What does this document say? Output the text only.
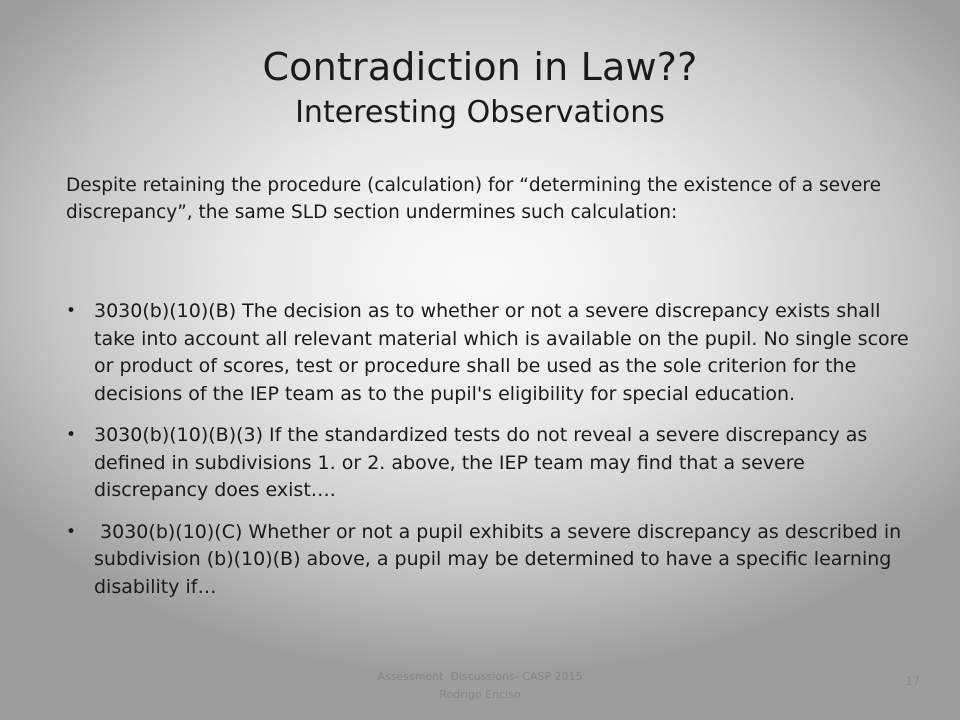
Contradiction in Law??
Interesting Observations

Despite retaining the procedure (calculation) for “determining the existence of a severe discrepancy”, the same SLD section undermines such calculation:

• 3030(b)(10)(B) The decision as to whether or not a severe discrepancy exists shall take into account all relevant material which is available on the pupil. No single score or product of scores, test or procedure shall be used as the sole criterion for the decisions of the IEP team as to the pupil's eligibility for special education.
• 3030(b)(10)(B)(3) If the standardized tests do not reveal a severe discrepancy as defined in subdivisions 1. or 2. above, the IEP team may find that a severe discrepancy does exist….
• 3030(b)(10)(C) Whether or not a pupil exhibits a severe discrepancy as described in subdivision (b)(10)(B) above, a pupil may be determined to have a specific learning disability if…
Assessment  Discussions- CASP 2015
Rodrigo Enciso
17
